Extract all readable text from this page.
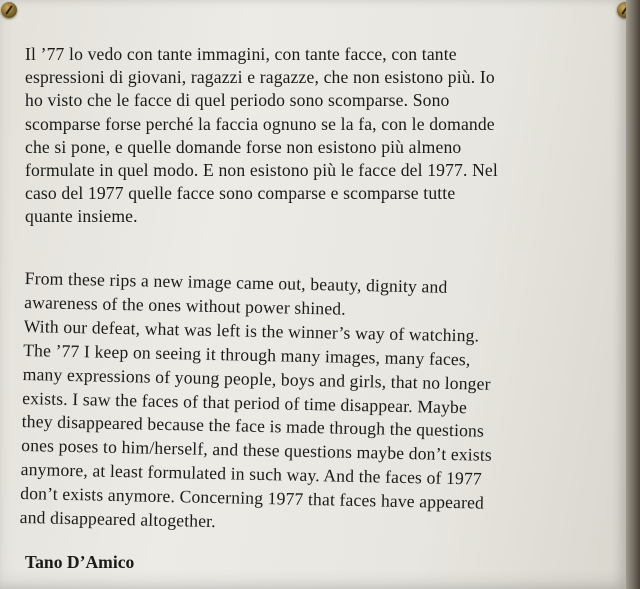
Il ’77 lo vedo con tante immagini, con tante facce, con tante
espressioni di giovani, ragazzi e ragazze, che non esistono più. Io
ho visto che le facce di quel periodo sono scomparse. Sono
scomparse forse perché la faccia ognuno se la fa, con le domande
che si pone, e quelle domande forse non esistono più almeno
formulate in quel modo. E non esistono più le facce del 1977. Nel
caso del 1977 quelle facce sono comparse e scomparse tutte
quante insieme.
From these rips a new image came out, beauty, dignity and
awareness of the ones without power shined.
With our defeat, what was left is the winner’s way of watching.
The ’77 I keep on seeing it through many images, many faces,
many expressions of young people, boys and girls, that no longer
exists. I saw the faces of that period of time disappear. Maybe
they disappeared because the face is made through the questions
ones poses to him/herself, and these questions maybe don’t exists
anymore, at least formulated in such way. And the faces of 1977
don’t exists anymore. Concerning 1977 that faces have appeared
and disappeared altogether.
Tano D’Amico
